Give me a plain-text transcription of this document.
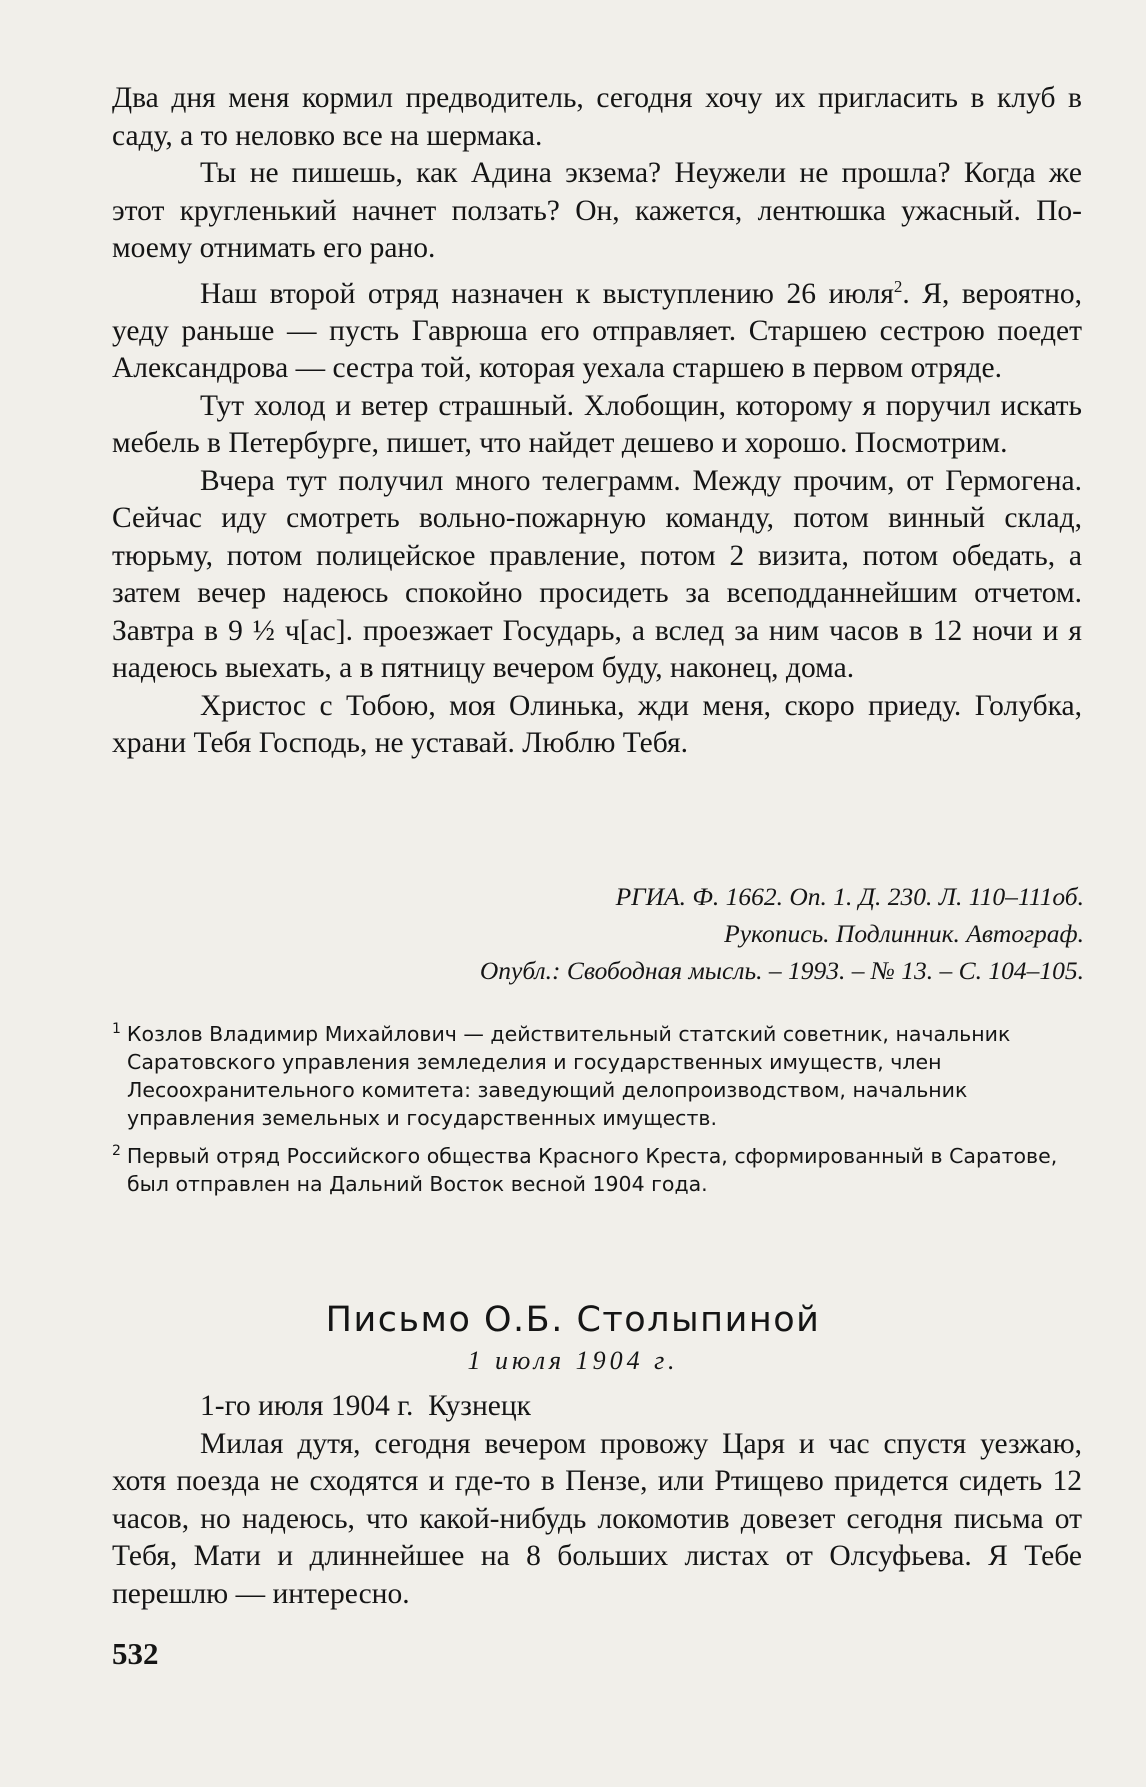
Два дня меня кормил предводитель, сегодня хочу их пригласить в клуб в саду, а то неловко все на шермака.

Ты не пишешь, как Адина экзема? Неужели не прошла? Когда же этот кругленький начнет ползать? Он, кажется, лентюшка ужасный. По-моему отнимать его рано.

Наш второй отряд назначен к выступлению 26 июля$^2$. Я, вероятно, уеду раньше — пусть Гаврюша его отправляет. Старшею сестрою поедет Александрова — сестра той, которая уехала старшею в первом отряде.

Тут холод и ветер страшный. Хлобощин, которому я поручил искать мебель в Петербурге, пишет, что найдет дешево и хорошо. Посмотрим.

Вчера тут получил много телеграмм. Между прочим, от Гермогена. Сейчас иду смотреть вольно-пожарную команду, потом винный склад, тюрьму, потом полицейское правление, потом 2 визита, потом обедать, а затем вечер надеюсь спокойно просидеть за всеподданнейшим отчетом. Завтра в 9 ½ ч[ас]. проезжает Государь, а вслед за ним часов в 12 ночи и я надеюсь выехать, а в пятницу вечером буду, наконец, дома.

Христос с Тобою, моя Олинька, жди меня, скоро приеду. Голубка, храни Тебя Господь, не уставай. Люблю Тебя.

РГИА. Ф. 1662. Оп. 1. Д. 230. Л. 110–111об.
Рукопись. Подлинник. Автограф.
Опубл.: Свободная мысль. – 1993. – № 13. – С. 104–105.

$^1$ Козлов Владимир Михайлович — действительный статский советник, начальник Саратовского управления земледелия и государственных имуществ, член Лесоохранительного комитета: заведующий делопроизводством, начальник управления земельных и государственных имуществ.

$^2$ Первый отряд Российского общества Красного Креста, сформированный в Саратове, был отправлен на Дальний Восток весной 1904 года.

Письмо О.Б. Столыпиной
1 июля 1904 г.

1-го июля 1904 г.  Кузнецк

Милая дутя, сегодня вечером провожу Царя и час спустя уезжаю, хотя поезда не сходятся и где-то в Пензе, или Ртищево придется сидеть 12 часов, но надеюсь, что какой-нибудь локомотив довезет сегодня письма от Тебя, Мати и длиннейшее на 8 больших листах от Олсуфьева. Я Тебе перешлю — интересно.

532
